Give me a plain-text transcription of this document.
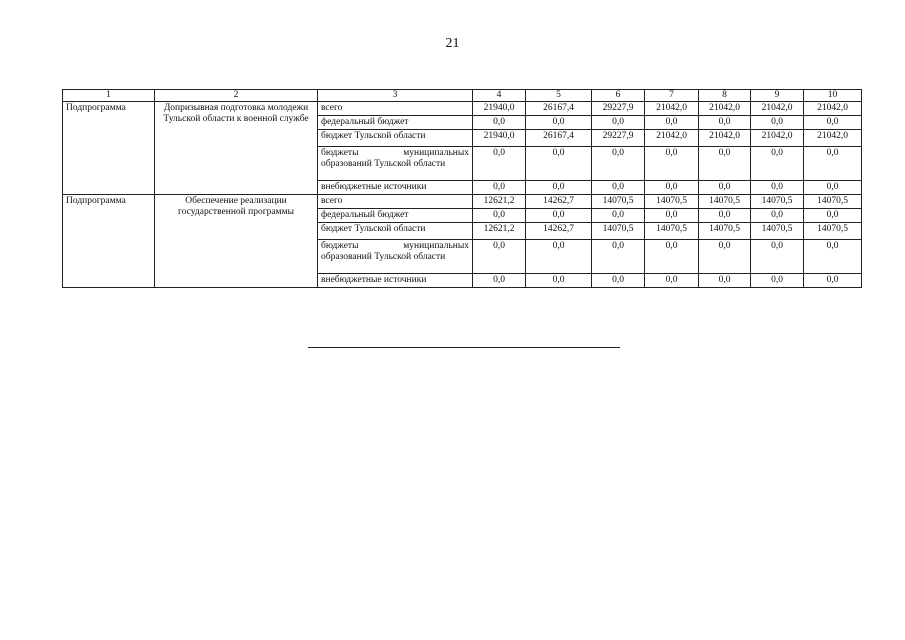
21
1	2	3	4	5	6	7	8	9	10
Подпрограмма	Допризывная подготовка молодежи Тульской области к военной службе	всего	21940,0	26167,4	29227,9	21042,0	21042,0	21042,0	21042,0
		федеральный бюджет	0,0	0,0	0,0	0,0	0,0	0,0	0,0
		бюджет Тульской области	21940,0	26167,4	29227,9	21042,0	21042,0	21042,0	21042,0
		бюджеты муниципальных образований Тульской области	0,0	0,0	0,0	0,0	0,0	0,0	0,0
		внебюджетные источники	0,0	0,0	0,0	0,0	0,0	0,0	0,0
Подпрограмма	Обеспечение реализации государственной программы	всего	12621,2	14262,7	14070,5	14070,5	14070,5	14070,5	14070,5
		федеральный бюджет	0,0	0,0	0,0	0,0	0,0	0,0	0,0
		бюджет Тульской области	12621,2	14262,7	14070,5	14070,5	14070,5	14070,5	14070,5
		бюджеты муниципальных образований Тульской области	0,0	0,0	0,0	0,0	0,0	0,0	0,0
		внебюджетные источники	0,0	0,0	0,0	0,0	0,0	0,0	0,0
